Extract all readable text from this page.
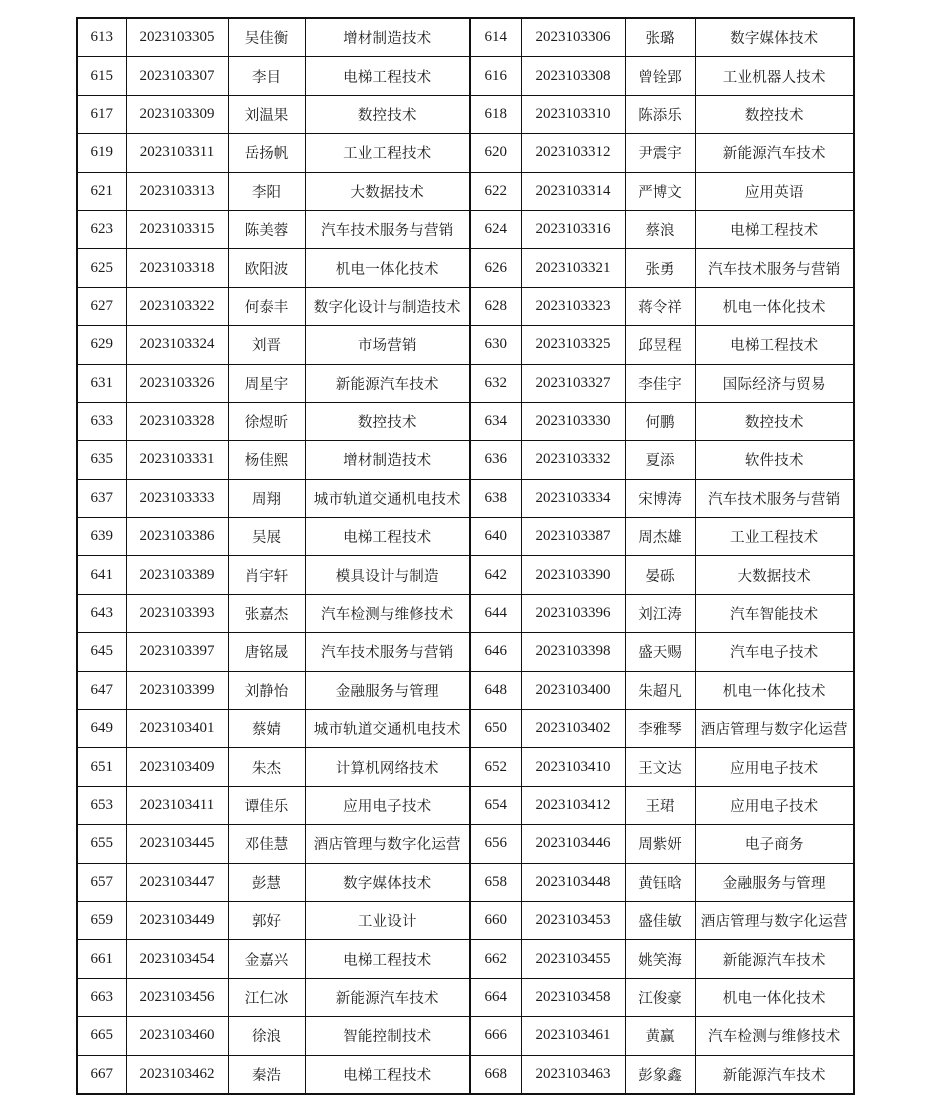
613	2023103305	吴佳衡	增材制造技术	614	2023103306	张璐	数字媒体技术
615	2023103307	李目	电梯工程技术	616	2023103308	曾铨郢	工业机器人技术
617	2023103309	刘温果	数控技术	618	2023103310	陈添乐	数控技术
619	2023103311	岳扬帆	工业工程技术	620	2023103312	尹震宇	新能源汽车技术
621	2023103313	李阳	大数据技术	622	2023103314	严博文	应用英语
623	2023103315	陈美蓉	汽车技术服务与营销	624	2023103316	蔡浪	电梯工程技术
625	2023103318	欧阳波	机电一体化技术	626	2023103321	张勇	汽车技术服务与营销
627	2023103322	何泰丰	数字化设计与制造技术	628	2023103323	蒋令祥	机电一体化技术
629	2023103324	刘晋	市场营销	630	2023103325	邱昱程	电梯工程技术
631	2023103326	周星宇	新能源汽车技术	632	2023103327	李佳宇	国际经济与贸易
633	2023103328	徐煜昕	数控技术	634	2023103330	何鹏	数控技术
635	2023103331	杨佳熙	增材制造技术	636	2023103332	夏添	软件技术
637	2023103333	周翔	城市轨道交通机电技术	638	2023103334	宋博涛	汽车技术服务与营销
639	2023103386	吴展	电梯工程技术	640	2023103387	周杰雄	工业工程技术
641	2023103389	肖宇轩	模具设计与制造	642	2023103390	晏砾	大数据技术
643	2023103393	张嘉杰	汽车检测与维修技术	644	2023103396	刘江涛	汽车智能技术
645	2023103397	唐铭晟	汽车技术服务与营销	646	2023103398	盛天赐	汽车电子技术
647	2023103399	刘静怡	金融服务与管理	648	2023103400	朱超凡	机电一体化技术
649	2023103401	蔡婧	城市轨道交通机电技术	650	2023103402	李雅琴	酒店管理与数字化运营
651	2023103409	朱杰	计算机网络技术	652	2023103410	王文达	应用电子技术
653	2023103411	谭佳乐	应用电子技术	654	2023103412	王珺	应用电子技术
655	2023103445	邓佳慧	酒店管理与数字化运营	656	2023103446	周紫妍	电子商务
657	2023103447	彭慧	数字媒体技术	658	2023103448	黄钰晗	金融服务与管理
659	2023103449	郭好	工业设计	660	2023103453	盛佳敏	酒店管理与数字化运营
661	2023103454	金嘉兴	电梯工程技术	662	2023103455	姚笑海	新能源汽车技术
663	2023103456	江仁冰	新能源汽车技术	664	2023103458	江俊豪	机电一体化技术
665	2023103460	徐浪	智能控制技术	666	2023103461	黄赢	汽车检测与维修技术
667	2023103462	秦浩	电梯工程技术	668	2023103463	彭象鑫	新能源汽车技术
